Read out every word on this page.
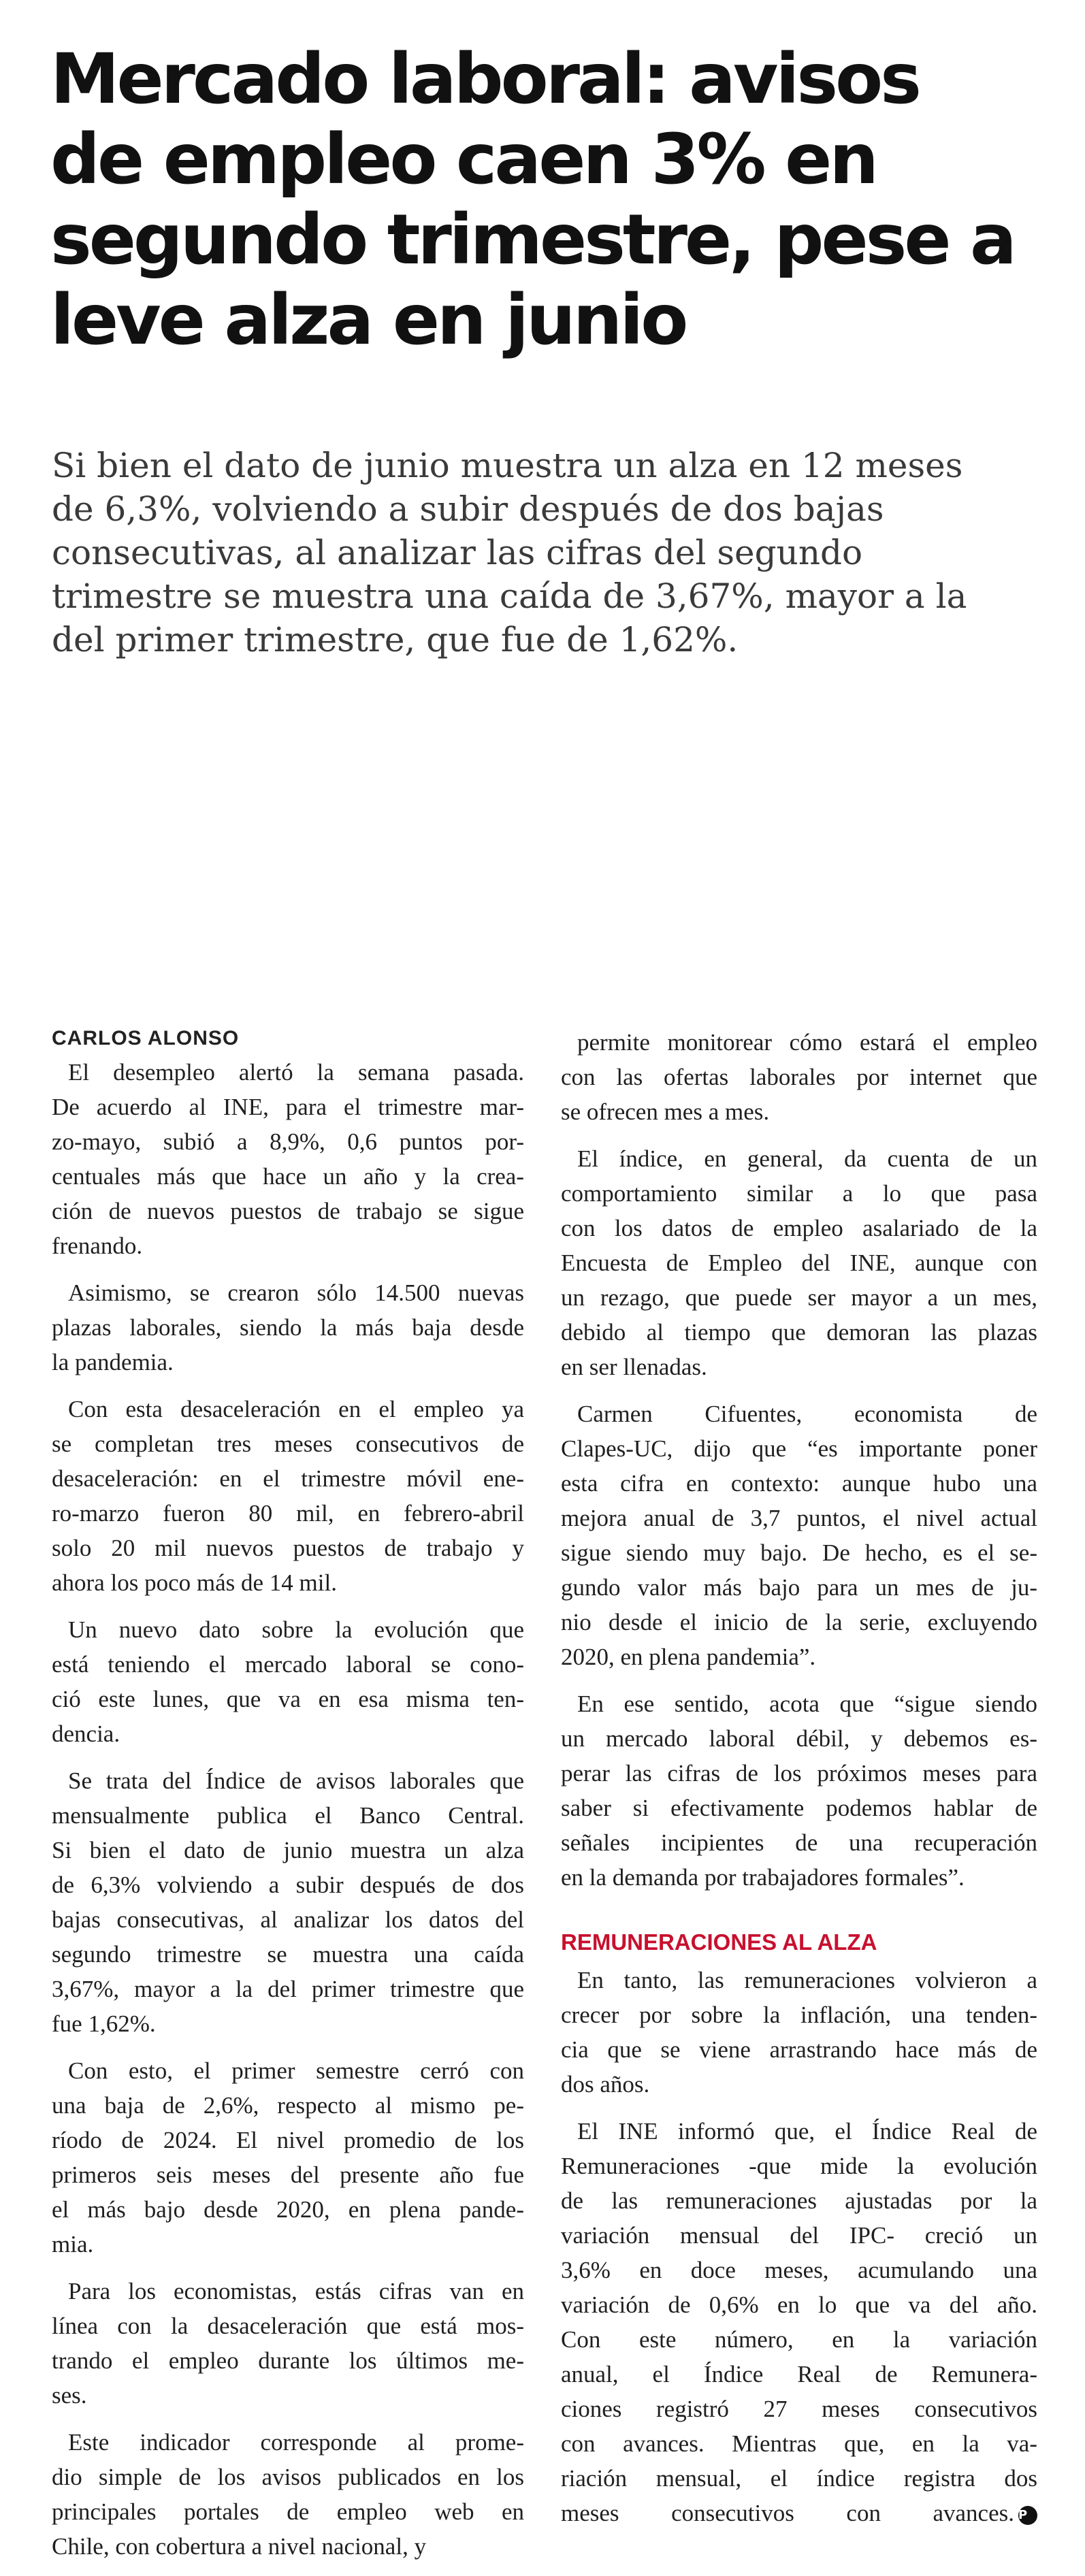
Mercado laboral: avisos
de empleo caen 3% en
segundo trimestre, pese a
leve alza en junio
Si bien el dato de junio muestra un alza en 12 meses
de 6,3%, volviendo a subir después de dos bajas
consecutivas, al analizar las cifras del segundo
trimestre se muestra una caída de 3,67%, mayor a la
del primer trimestre, que fue de 1,62%.
CARLOS ALONSO
El desempleo alertó la semana pasada.
De acuerdo al INE, para el trimestre mar-
zo-mayo, subió a 8,9%, 0,6 puntos por-
centuales más que hace un año y la crea-
ción de nuevos puestos de trabajo se sigue
frenando.
Asimismo, se crearon sólo 14.500 nuevas
plazas laborales, siendo la más baja desde
la pandemia.
Con esta desaceleración en el empleo ya
se completan tres meses consecutivos de
desaceleración: en el trimestre móvil ene-
ro-marzo fueron 80 mil, en febrero-abril
solo 20 mil nuevos puestos de trabajo y
ahora los poco más de 14 mil.
Un nuevo dato sobre la evolución que
está teniendo el mercado laboral se cono-
ció este lunes, que va en esa misma ten-
dencia.
Se trata del Índice de avisos laborales que
mensualmente publica el Banco Central.
Si bien el dato de junio muestra un alza
de 6,3% volviendo a subir después de dos
bajas consecutivas, al analizar los datos del
segundo trimestre se muestra una caída
3,67%, mayor a la del primer trimestre que
fue 1,62%.
Con esto, el primer semestre cerró con
una baja de 2,6%, respecto al mismo pe-
ríodo de 2024. El nivel promedio de los
primeros seis meses del presente año fue
el más bajo desde 2020, en plena pande-
mia.
Para los economistas, estás cifras van en
línea con la desaceleración que está mos-
trando el empleo durante los últimos me-
ses.
Este indicador corresponde al prome-
dio simple de los avisos publicados en los
principales portales de empleo web en
Chile, con cobertura a nivel nacional, y
permite monitorear cómo estará el empleo
con las ofertas laborales por internet que
se ofrecen mes a mes.
El índice, en general, da cuenta de un
comportamiento similar a lo que pasa
con los datos de empleo asalariado de la
Encuesta de Empleo del INE, aunque con
un rezago, que puede ser mayor a un mes,
debido al tiempo que demoran las plazas
en ser llenadas.
Carmen Cifuentes, economista de
Clapes-UC, dijo que “es importante poner
esta cifra en contexto: aunque hubo una
mejora anual de 3,7 puntos, el nivel actual
sigue siendo muy bajo. De hecho, es el se-
gundo valor más bajo para un mes de ju-
nio desde el inicio de la serie, excluyendo
2020, en plena pandemia”.
En ese sentido, acota que “sigue siendo
un mercado laboral débil, y debemos es-
perar las cifras de los próximos meses para
saber si efectivamente podemos hablar de
señales incipientes de una recuperación
en la demanda por trabajadores formales”.
REMUNERACIONES AL ALZA
En tanto, las remuneraciones volvieron a
crecer por sobre la inflación, una tenden-
cia que se viene arrastrando hace más de
dos años.
El INE informó que, el Índice Real de
Remuneraciones -que mide la evolución
de las remuneraciones ajustadas por la
variación mensual del IPC- creció un
3,6% en doce meses, acumulando una
variación de 0,6% en lo que va del año.
Con este número, en la variación
anual, el Índice Real de Remunera-
ciones registró 27 meses consecutivos
con avances. Mientras que, en la va-
riación mensual, el índice registra dos
meses consecutivos con avances. P
